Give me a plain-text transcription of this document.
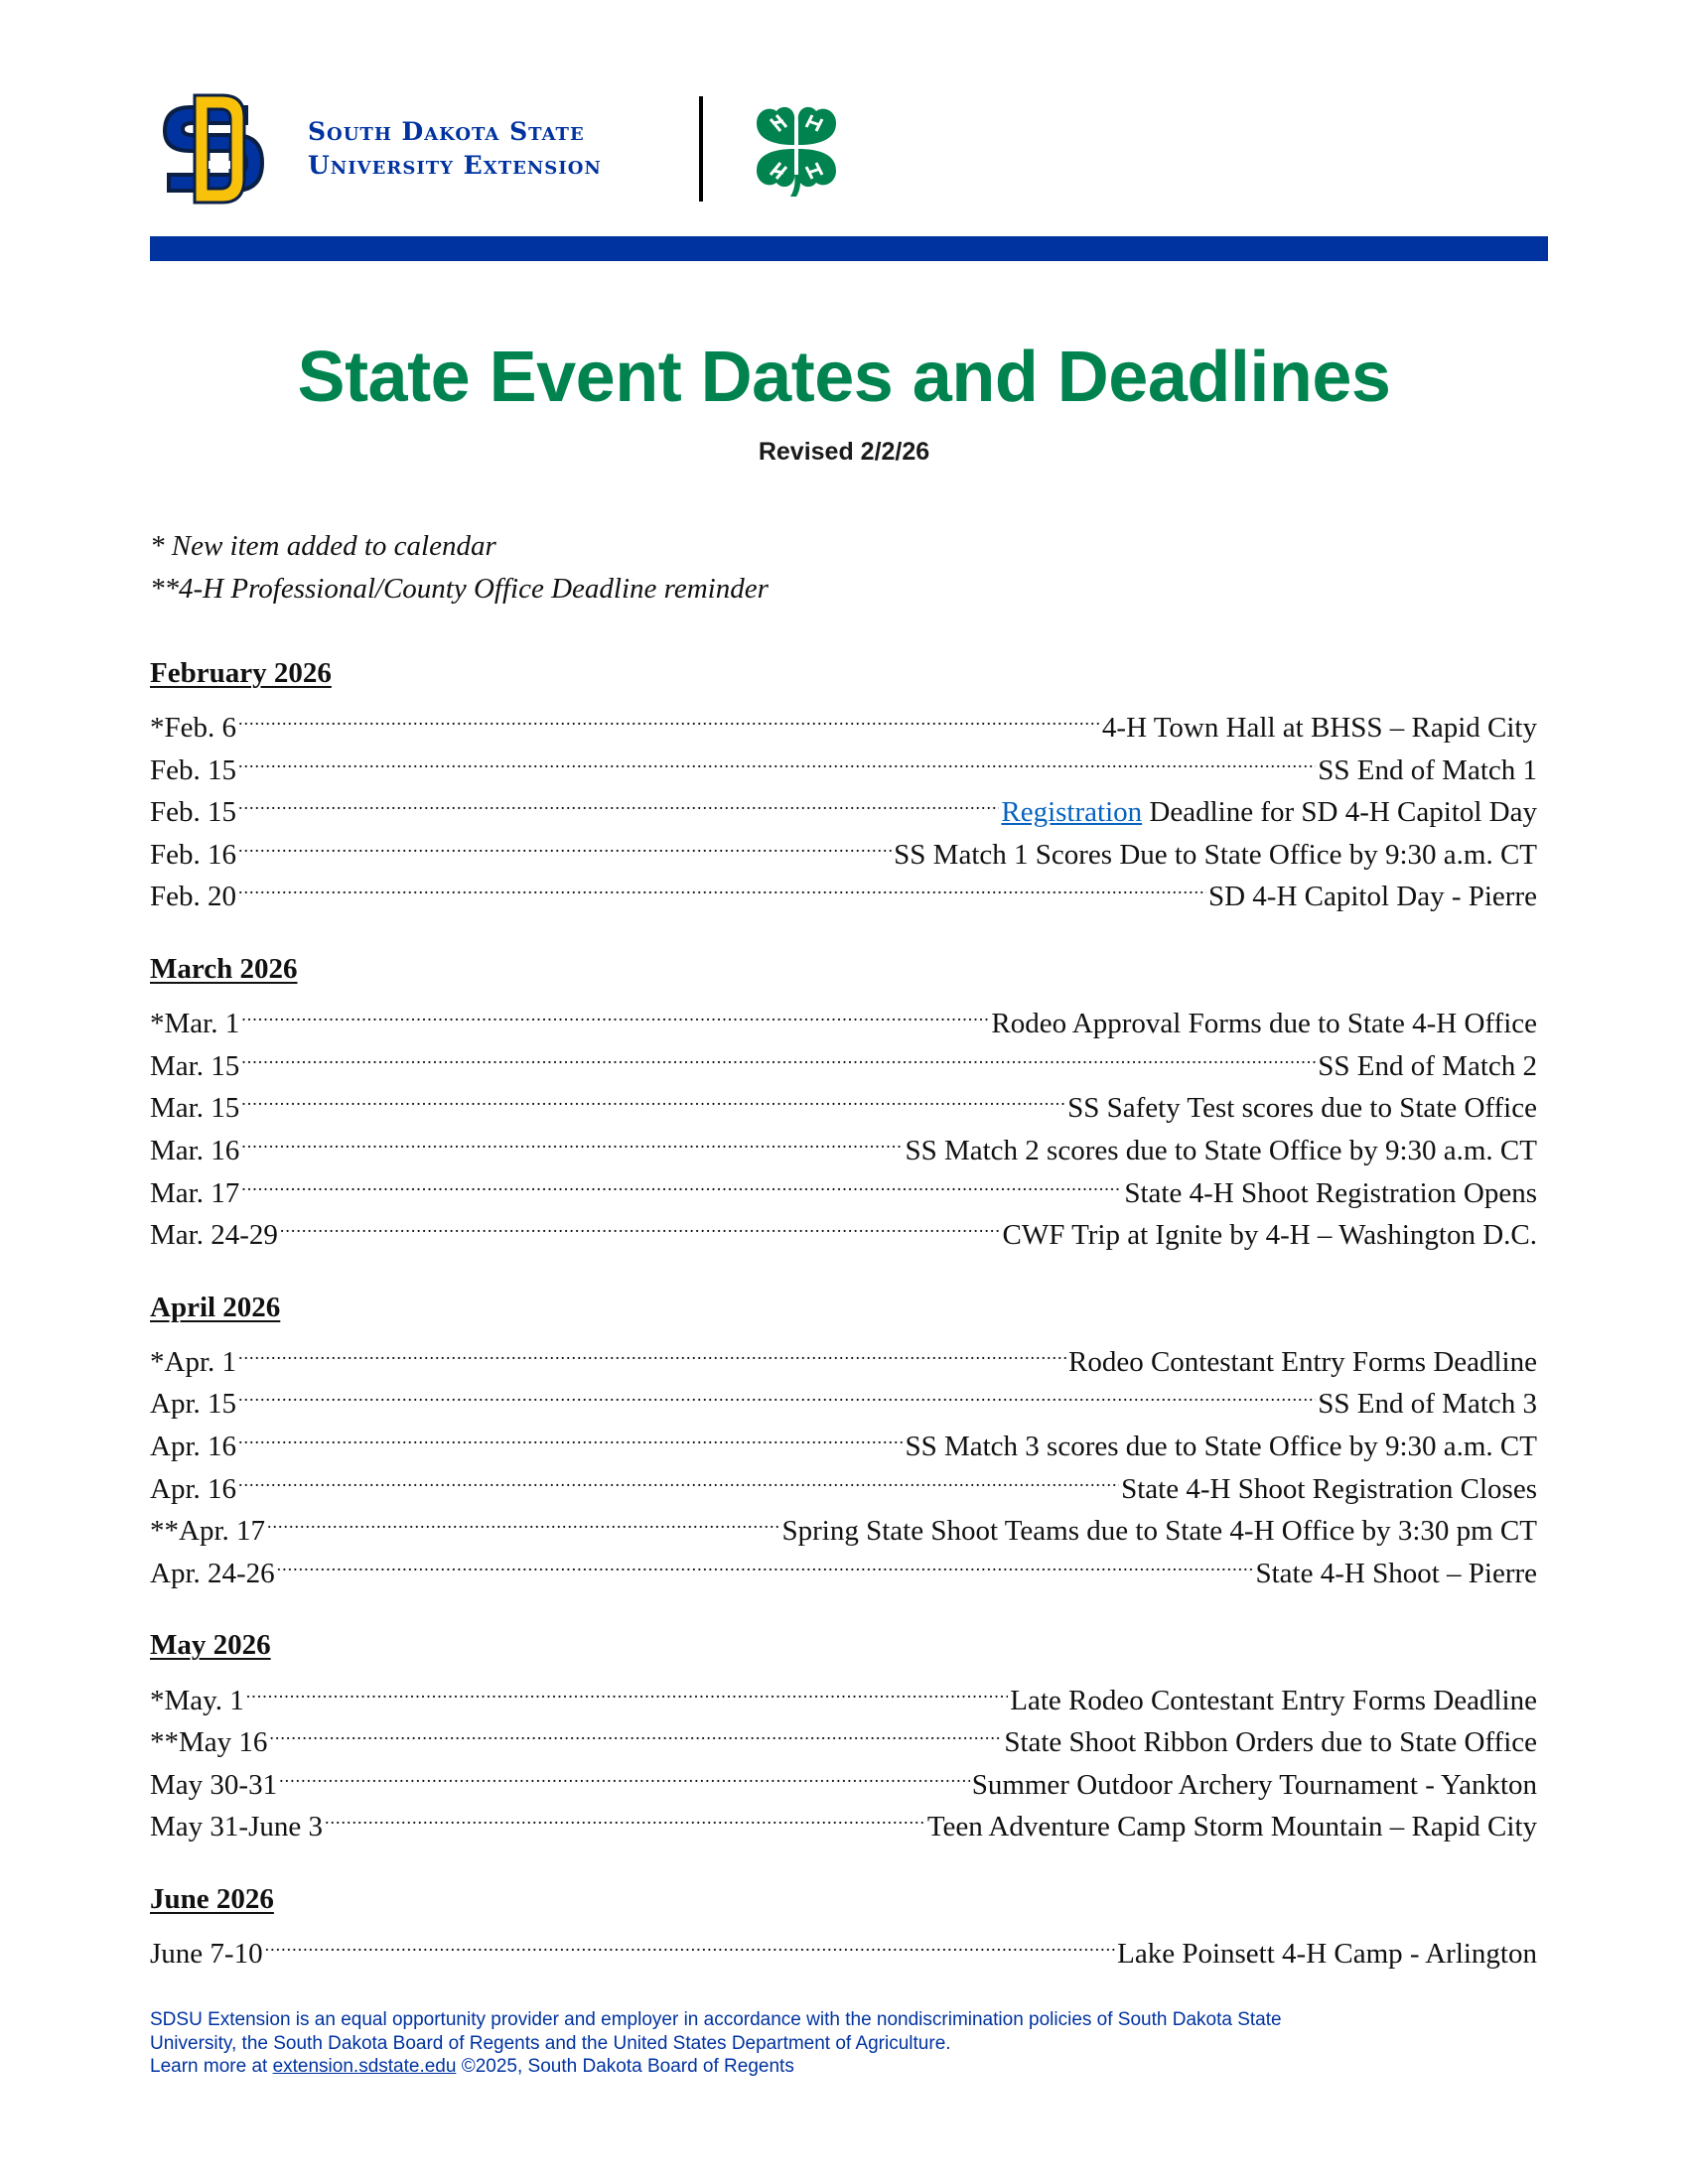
South Dakota State
University Extension
State Event Dates and Deadlines
Revised 2/2/26
* New item added to calendar
**4-H Professional/County Office Deadline reminder
February 2026
*Feb. 6 .....	4-H Town Hall at BHSS – Rapid City
Feb. 15 .....	SS End of Match 1
Feb. 15 .....	Registration Deadline for SD 4-H Capitol Day
Feb. 16 .....	SS Match 1 Scores Due to State Office by 9:30 a.m. CT
Feb. 20 .....	SD 4-H Capitol Day - Pierre
March 2026
*Mar. 1 .....	Rodeo Approval Forms due to State 4-H Office
Mar. 15 .....	SS End of Match 2
Mar. 15 .....	SS Safety Test scores due to State Office
Mar. 16 .....	SS Match 2 scores due to State Office by 9:30 a.m. CT
Mar. 17 .....	State 4-H Shoot Registration Opens
Mar. 24-29 .....	CWF Trip at Ignite by 4-H – Washington D.C.
April 2026
*Apr. 1 .....	Rodeo Contestant Entry Forms Deadline
Apr. 15 .....	SS End of Match 3
Apr. 16 .....	SS Match 3 scores due to State Office by 9:30 a.m. CT
Apr. 16 .....	State 4-H Shoot Registration Closes
**Apr. 17 .....	Spring State Shoot Teams due to State 4-H Office by 3:30 pm CT
Apr. 24-26 .....	State 4-H Shoot – Pierre
May 2026
*May. 1 .....	Late Rodeo Contestant Entry Forms Deadline
**May 16 .....	State Shoot Ribbon Orders due to State Office
May 30-31 .....	Summer Outdoor Archery Tournament - Yankton
May 31-June 3 .....	Teen Adventure Camp Storm Mountain – Rapid City
June 2026
June 7-10 .....	Lake Poinsett 4-H Camp - Arlington
SDSU Extension is an equal opportunity provider and employer in accordance with the nondiscrimination policies of South Dakota State
University, the South Dakota Board of Regents and the United States Department of Agriculture.
Learn more at extension.sdstate.edu ©2025, South Dakota Board of Regents
